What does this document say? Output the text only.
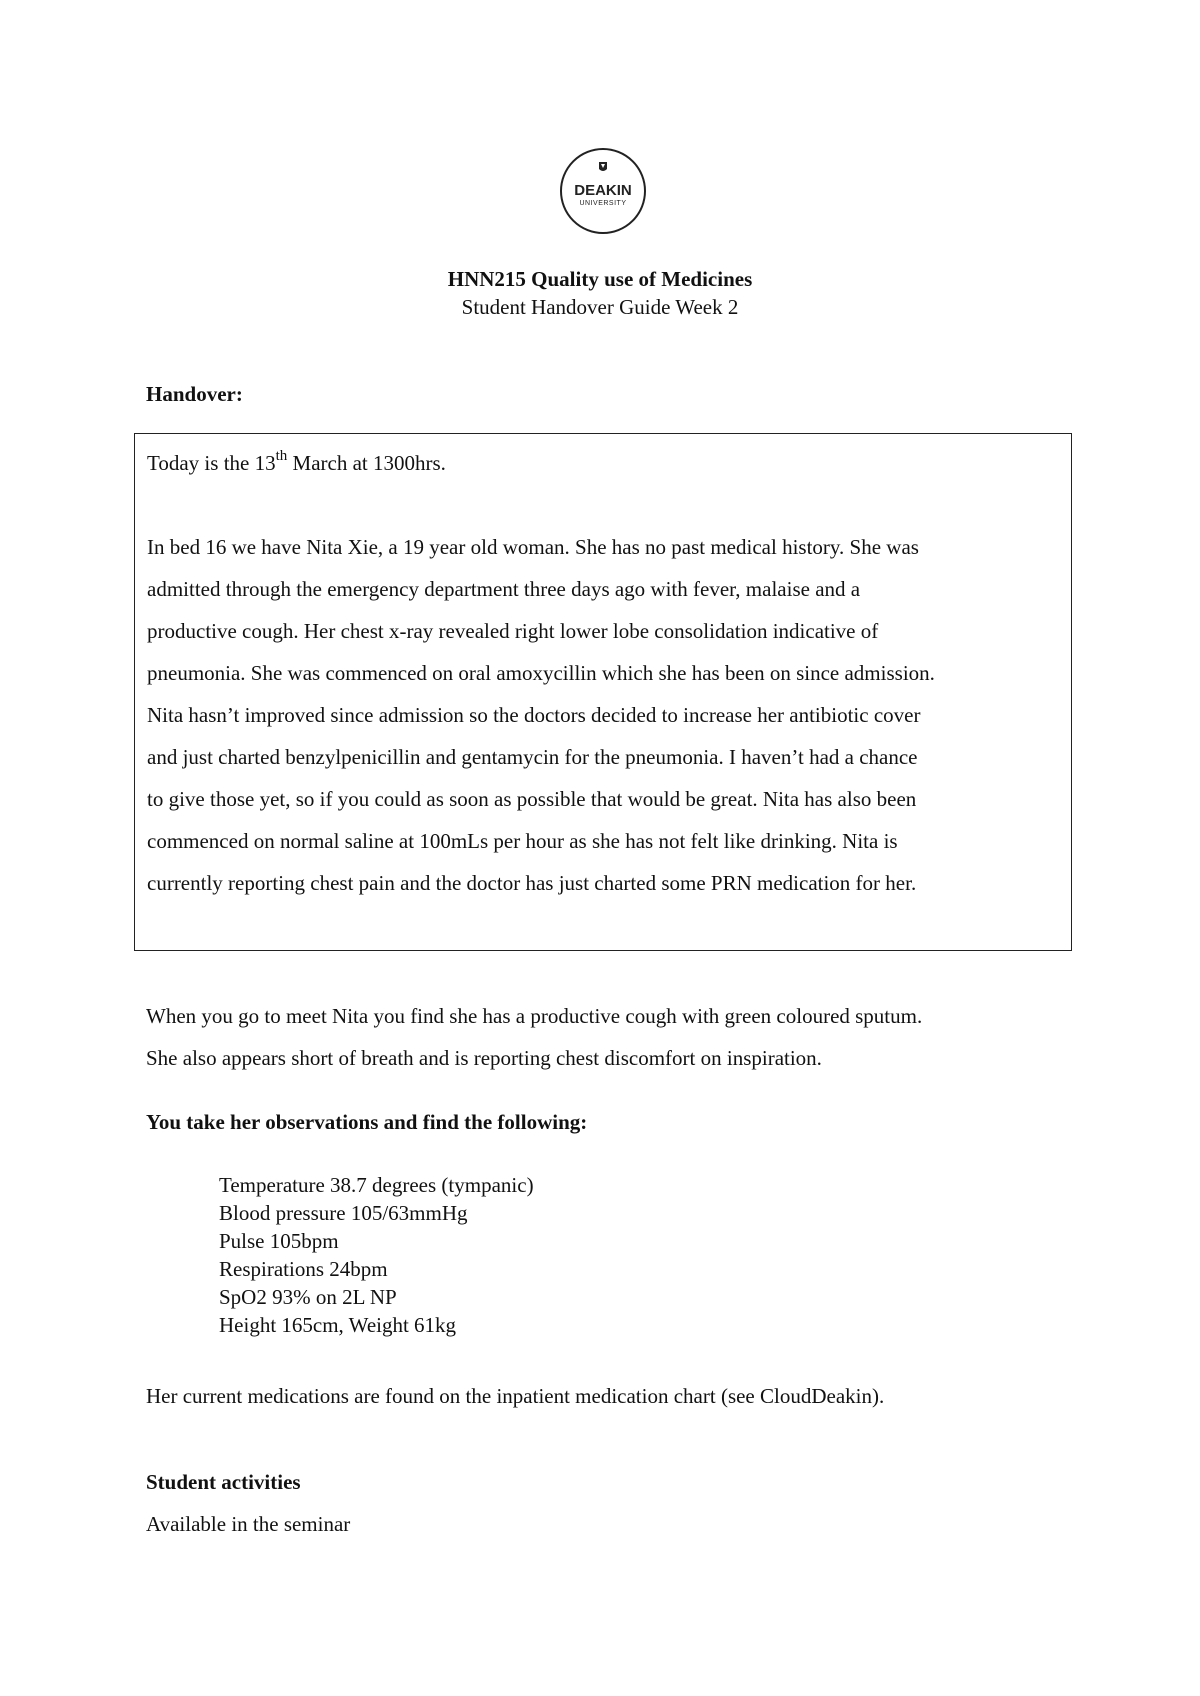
DEAKIN
UNIVERSITY
HNN215 Quality use of Medicines
Student Handover Guide Week 2
Handover:
Today is the 13th March at 1300hrs.
In bed 16 we have Nita Xie, a 19 year old woman. She has no past medical history. She was
admitted through the emergency department three days ago with fever, malaise and a
productive cough. Her chest x-ray revealed right lower lobe consolidation indicative of
pneumonia. She was commenced on oral amoxycillin which she has been on since admission.
Nita hasn’t improved since admission so the doctors decided to increase her antibiotic cover
and just charted benzylpenicillin and gentamycin for the pneumonia. I haven’t had a chance
to give those yet, so if you could as soon as possible that would be great. Nita has also been
commenced on normal saline at 100mLs per hour as she has not felt like drinking. Nita is
currently reporting chest pain and the doctor has just charted some PRN medication for her.
When you go to meet Nita you find she has a productive cough with green coloured sputum.
She also appears short of breath and is reporting chest discomfort on inspiration.
You take her observations and find the following:
Temperature 38.7 degrees (tympanic)
Blood pressure 105/63mmHg
Pulse 105bpm
Respirations 24bpm
SpO2 93% on 2L NP
Height 165cm, Weight 61kg
Her current medications are found on the inpatient medication chart (see CloudDeakin).
Student activities
Available in the seminar
